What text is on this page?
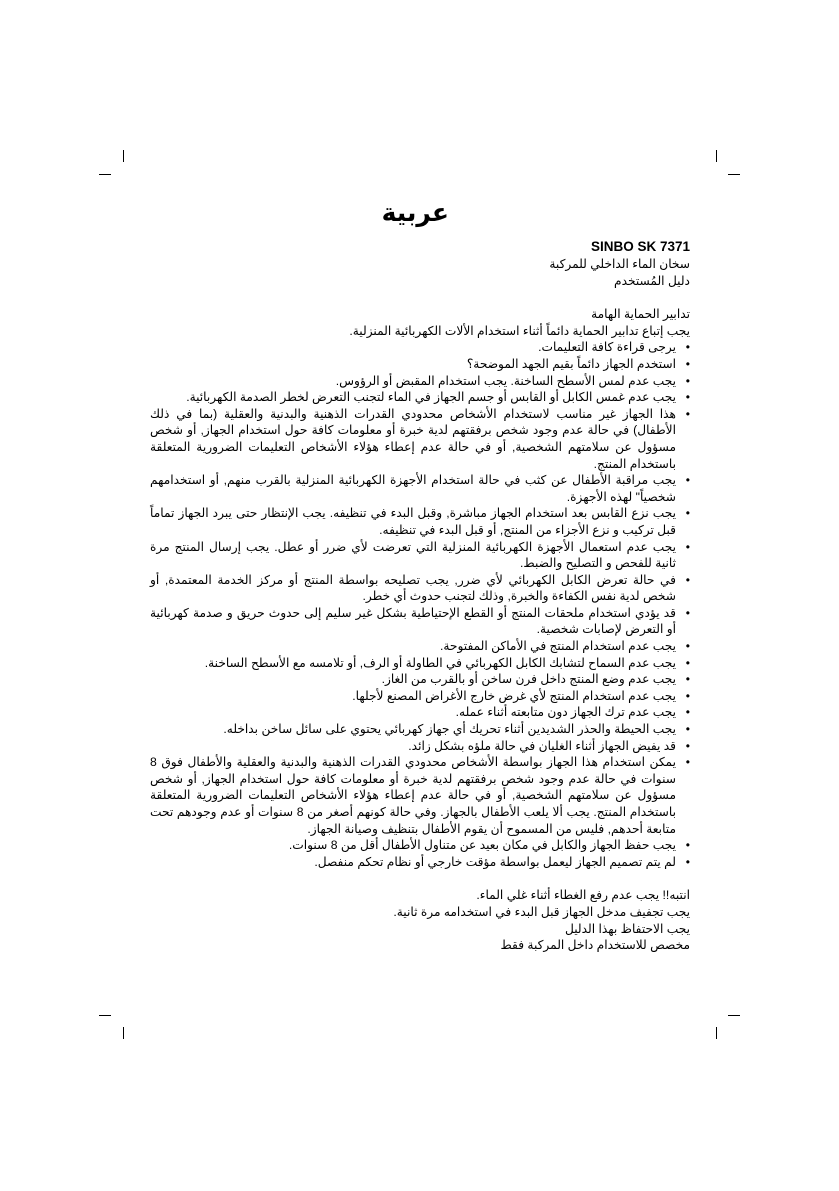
عربية
SINBO SK 7371

سخان الماء الداخلي للمركبة

دليل المُستخدم

تدابير الحماية الهامة

يجب إتباع تدابير الحماية دائماً أثناء استخدام الألات الكهربائية المنزلية.

• يرجى قراءة كافة التعليمات.
• استخدم الجهاز دائماً بقيم الجهد الموضحة؟
• يجب عدم لمس الأسطح الساخنة. يجب استخدام المقبض أو الرؤوس.
• يجب عدم غمس الكابل أو القابس أو جسم الجهاز في الماء لتجنب التعرض لخطر الصدمة الكهربائية.
• هذا الجهاز غير مناسب لاستخدام الأشخاص محدودي القدرات الذهنية والبدنية والعقلية (بما في ذلك الأطفال) في حالة عدم وجود شخص برفقتهم لدية خبرة أو معلومات كافة حول استخدام الجهاز, أو شخص مسؤول عن سلامتهم الشخصية, أو في حالة عدم إعطاء هؤلاء الأشخاص التعليمات الضرورية المتعلقة باستخدام المنتج.
• يجب مراقبة الأطفال عن كثب في حالة استخدام الأجهزة الكهربائية المنزلية بالقرب منهم, أو استخدامهم شخصياً" لهذه الأجهزة.
• يجب نزع القابس بعد استخدام الجهاز مباشرة, وقبل البدء في تنظيفه. يجب الإنتظار حتى يبرد الجهاز تماماً قبل تركيب و نزع الأجزاء من المنتج, أو قبل البدء في تنظيفه.
• يجب عدم استعمال الأجهزة الكهربائية المنزلية التي تعرضت لأي ضرر أو عطل. يجب إرسال المنتج مرة ثانية للفحص و التصليح والضبط.
• في حالة تعرض الكابل الكهربائي لأي ضرر, يجب تصليحه بواسطة المنتج أو مركز الخدمة المعتمدة, أو شخص لدية نفس الكفاءة والخبرة, وذلك لتجنب حدوث أي خطر.
• قد يؤدي استخدام ملحقات المنتج أو القطع الإحتياطية بشكل غير سليم إلى حدوث حريق و صدمة كهربائية أو التعرض لإصابات شخصية.
• يجب عدم استخدام المنتج في الأماكن المفتوحة.
• يجب عدم السماح لتشابك الكابل الكهربائي في الطاولة أو الرف, أو تلامسه مع الأسطح الساخنة.
• يجب عدم وضع المنتج داخل فرن ساخن أو بالقرب من الغاز.
• يجب عدم استخدام المنتج لأي غرض خارج الأغراض المصنع لأجلها.
• يجب عدم ترك الجهاز دون متابعته أثناء عمله.
• يجب الحيطة والحذر الشديدين أثناء تحريك أي جهاز كهربائي يحتوي على سائل ساخن بداخله.
• قد يفيض الجهاز أثناء الغليان في حالة ملؤه بشكل زائد.
• يمكن استخدام هذا الجهاز بواسطة الأشخاص محدودي القدرات الذهنية والبدنية والعقلية والأطفال فوق 8 سنوات في حالة عدم وجود شخص برفقتهم لدية خبرة أو معلومات كافة حول استخدام الجهاز, أو شخص مسؤول عن سلامتهم الشخصية, أو في حالة عدم إعطاء هؤلاء الأشخاص التعليمات الضرورية المتعلقة باستخدام المنتج. يجب ألا يلعب الأطفال بالجهاز. وفي حالة كونهم أصغر من 8 سنوات أو عدم وجودهم تحت متابعة أحدهم, فليس من المسموح أن يقوم الأطفال بتنظيف وصيانة الجهاز.
• يجب حفظ الجهاز والكابل في مكان بعيد عن متناول الأطفال أقل من 8 سنوات.
• لم يتم تصميم الجهاز ليعمل بواسطة مؤقت خارجي أو نظام تحكم منفصل.

انتبه!! يجب عدم رفع الغطاء أثناء غلي الماء.

يجب تجفيف مدخل الجهاز قبل البدء في استخدامه مرة ثانية.

يجب الاحتفاظ بهذا الدليل

مخصص للاستخدام داخل المركبة فقط
